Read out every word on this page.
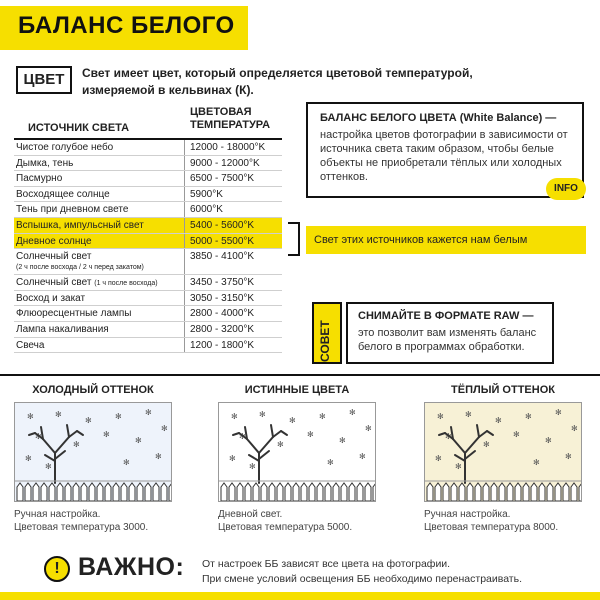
БАЛАНС БЕЛОГО
ЦВЕТ	Свет имеет цвет, который определяется цветовой температурой, измеряемой в кельвинах (К).
ИСТОЧНИК СВЕТА
ЦВЕТОВАЯ
ТЕМПЕРАТУРА
Чистое голубое небо	12000 - 18000°K
Дымка, тень	9000 - 12000°K
Пасмурно	6500 - 7500°K
Восходящее солнце	5900°K
Тень при дневном свете	6000°K
Вспышка, импульсный свет	5400 - 5600°K
Дневное солнце	5000 - 5500°K
Солнечный свет
(2 ч после восхода / 2 ч перед закатом)
3850 - 4100°K
Солнечный свет (1 ч после восхода)	3450 - 3750°K
Восход и закат	3050 - 3150°K
Флюоресцентные лампы	2800 - 4000°K
Лампа накаливания	2800 - 3200°K
Свеча	1200 - 1800°K
БАЛАНС БЕЛОГО ЦВЕТА (White Balance) —
настройка цветов фотографии в зависимости от источника света таким образом, чтобы белые объекты не приобретали тёплых или холодных оттенков.
INFO
Свет этих источников кажется нам белым
СОВЕТ
СНИМАЙТЕ В ФОРМАТЕ RAW —
это позволит вам изменять баланс белого в программах обработки.
ХОЛОДНЫЙ ОТТЕНОК	ИСТИННЫЕ ЦВЕТА	ТЁПЛЫЙ ОТТЕНОК
✻	✻
✻	✻	✻
✻
✻	✻
✻
✻
✻
✻	✻
✻
✻	✻
✻	✻	✻
✻
✻	✻
✻
✻
✻
✻	✻
✻
✻	✻
✻	✻	✻
✻
✻	✻
✻
✻
✻
✻	✻
✻
Ручная настройка.
Цветовая температура 3000.
Дневной свет.
Цветовая температура 5000.
Ручная настройка.
Цветовая температура 8000.
! ВАЖНО: От настроек ББ зависят все цвета на фотографии.
При смене условий освещения ББ необходимо перенастраивать.
